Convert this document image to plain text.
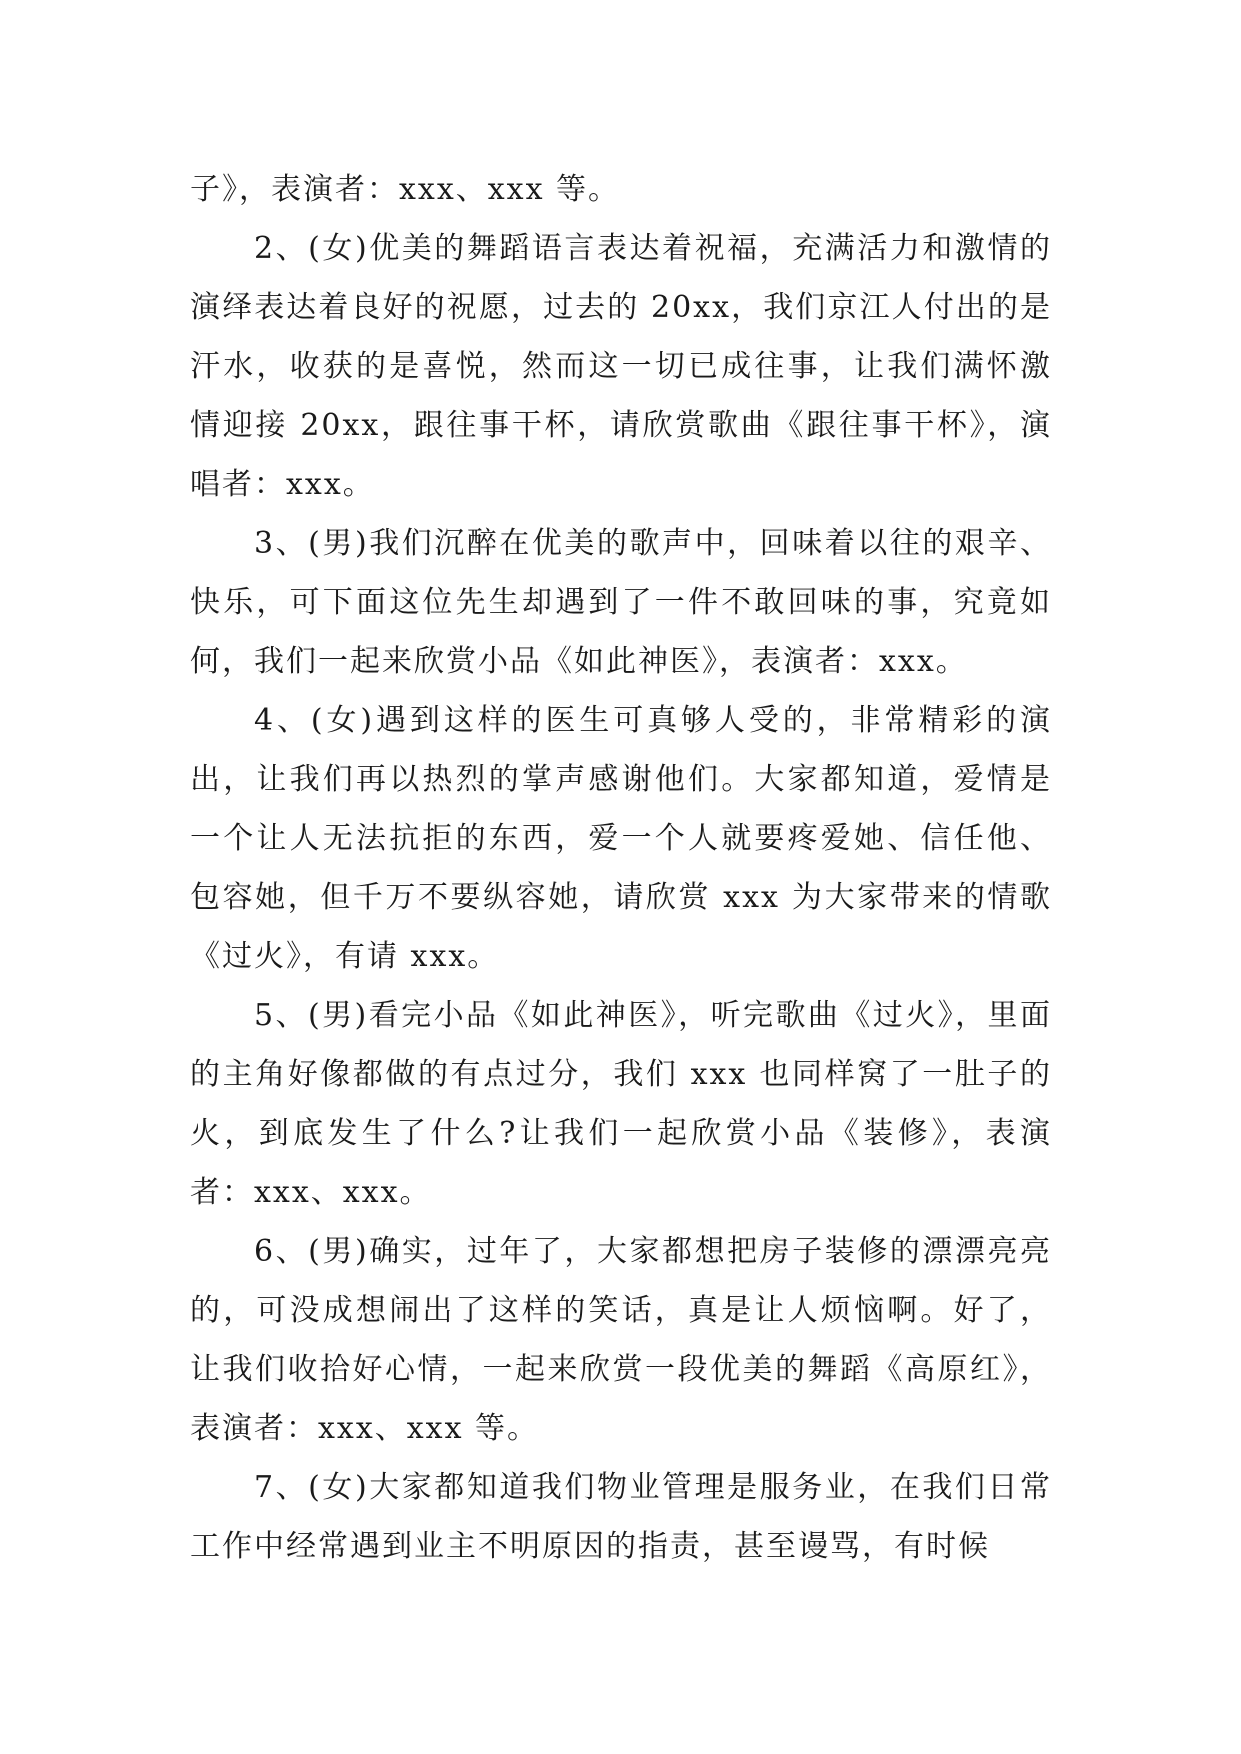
子》，表演者：xxx、xxx 等。

2、(女)优美的舞蹈语言表达着祝福，充满活力和激情的演绎表达着良好的祝愿，过去的 20xx，我们京江人付出的是汗水，收获的是喜悦，然而这一切已成往事，让我们满怀激情迎接 20xx，跟往事干杯，请欣赏歌曲《跟往事干杯》，演唱者：xxx。

3、(男)我们沉醉在优美的歌声中，回味着以往的艰辛、快乐，可下面这位先生却遇到了一件不敢回味的事，究竟如何，我们一起来欣赏小品《如此神医》，表演者：xxx。

4、(女)遇到这样的医生可真够人受的，非常精彩的演出，让我们再以热烈的掌声感谢他们。大家都知道，爱情是一个让人无法抗拒的东西，爱一个人就要疼爱她、信任他、包容她，但千万不要纵容她，请欣赏 xxx 为大家带来的情歌《过火》，有请 xxx。

5、(男)看完小品《如此神医》，听完歌曲《过火》，里面的主角好像都做的有点过分，我们 xxx 也同样窝了一肚子的火，到底发生了什么?让我们一起欣赏小品《装修》，表演者：xxx、xxx。

6、(男)确实，过年了，大家都想把房子装修的漂漂亮亮的，可没成想闹出了这样的笑话，真是让人烦恼啊。好了，让我们收拾好心情，一起来欣赏一段优美的舞蹈《高原红》，表演者：xxx、xxx 等。

7、(女)大家都知道我们物业管理是服务业，在我们日常工作中经常遇到业主不明原因的指责，甚至谩骂，有时候
